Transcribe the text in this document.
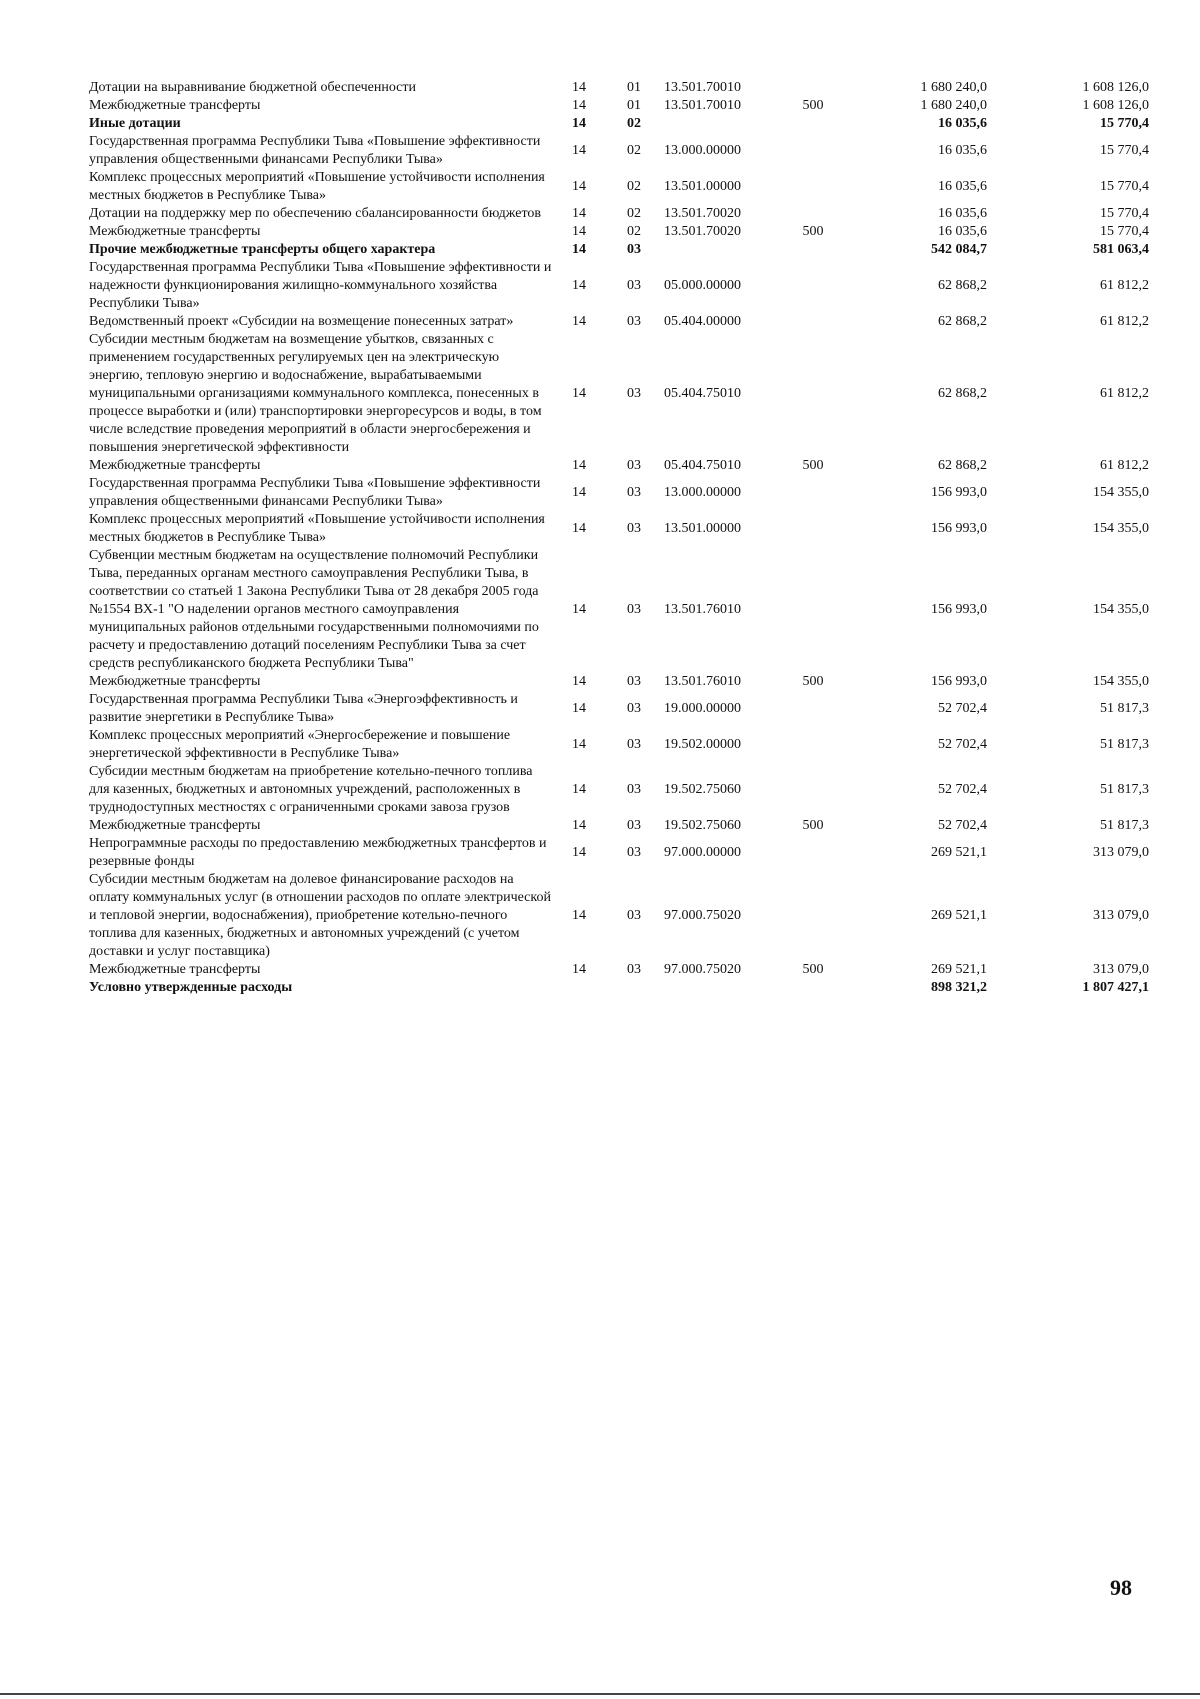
Дотации на выравнивание бюджетной обеспеченности	14	01	13.501.70010		1 680 240,0	1 608 126,0
Межбюджетные трансферты	14	01	13.501.70010	500	1 680 240,0	1 608 126,0
Иные дотации	14	02			16 035,6	15 770,4
Государственная программа Республики Тыва «Повышение эффективности управления общественными финансами Республики Тыва»	14	02	13.000.00000		16 035,6	15 770,4
Комплекс процессных мероприятий «Повышение устойчивости исполнения местных бюджетов в Республике Тыва»	14	02	13.501.00000		16 035,6	15 770,4
Дотации на поддержку мер по обеспечению сбалансированности бюджетов	14	02	13.501.70020		16 035,6	15 770,4
Межбюджетные трансферты	14	02	13.501.70020	500	16 035,6	15 770,4
Прочие межбюджетные трансферты общего характера	14	03			542 084,7	581 063,4
Государственная программа Республики Тыва «Повышение эффективности и надежности функционирования жилищно-коммунального хозяйства Республики Тыва»	14	03	05.000.00000		62 868,2	61 812,2
Ведомственный проект «Субсидии на возмещение понесенных затрат»	14	03	05.404.00000		62 868,2	61 812,2
Субсидии местным бюджетам на возмещение убытков, связанных с применением государственных регулируемых цен на электрическую энергию, тепловую энергию и водоснабжение, вырабатываемыми муниципальными организациями коммунального комплекса, понесенных в процессе выработки и (или) транспортировки энергоресурсов и воды, в том числе вследствие проведения мероприятий в области энергосбережения и повышения энергетической эффективности	14	03	05.404.75010		62 868,2	61 812,2
Межбюджетные трансферты	14	03	05.404.75010	500	62 868,2	61 812,2
Государственная программа Республики Тыва «Повышение эффективности управления общественными финансами Республики Тыва»	14	03	13.000.00000		156 993,0	154 355,0
Комплекс процессных мероприятий «Повышение устойчивости исполнения местных бюджетов в Республике Тыва»	14	03	13.501.00000		156 993,0	154 355,0
Субвенции местным бюджетам на осуществление полномочий Республики Тыва, переданных органам местного самоуправления Республики Тыва, в соответствии со статьей 1 Закона Республики Тыва от 28 декабря 2005 года №1554 ВХ-1 "О наделении органов местного самоуправления муниципальных районов отдельными государственными полномочиями по расчету и предоставлению дотаций поселениям Республики Тыва за счет средств республиканского бюджета Республики Тыва"	14	03	13.501.76010		156 993,0	154 355,0
Межбюджетные трансферты	14	03	13.501.76010	500	156 993,0	154 355,0
Государственная программа Республики Тыва «Энергоэффективность и развитие энергетики в Республике Тыва»	14	03	19.000.00000		52 702,4	51 817,3
Комплекс процессных мероприятий «Энергосбережение и повышение энергетической эффективности в Республике Тыва»	14	03	19.502.00000		52 702,4	51 817,3
Субсидии местным бюджетам на приобретение котельно-печного топлива для казенных, бюджетных и автономных учреждений, расположенных в труднодоступных местностях с ограниченными сроками завоза грузов	14	03	19.502.75060		52 702,4	51 817,3
Межбюджетные трансферты	14	03	19.502.75060	500	52 702,4	51 817,3
Непрограммные расходы по предоставлению межбюджетных трансфертов и резервные фонды	14	03	97.000.00000		269 521,1	313 079,0
Субсидии местным бюджетам на долевое финансирование расходов на оплату коммунальных услуг (в отношении расходов по оплате электрической и тепловой энергии, водоснабжения), приобретение котельно-печного топлива для казенных, бюджетных и автономных учреждений (с учетом доставки и услуг поставщика)	14	03	97.000.75020		269 521,1	313 079,0
Межбюджетные трансферты	14	03	97.000.75020	500	269 521,1	313 079,0
Условно утвержденные расходы					898 321,2	1 807 427,1
98
